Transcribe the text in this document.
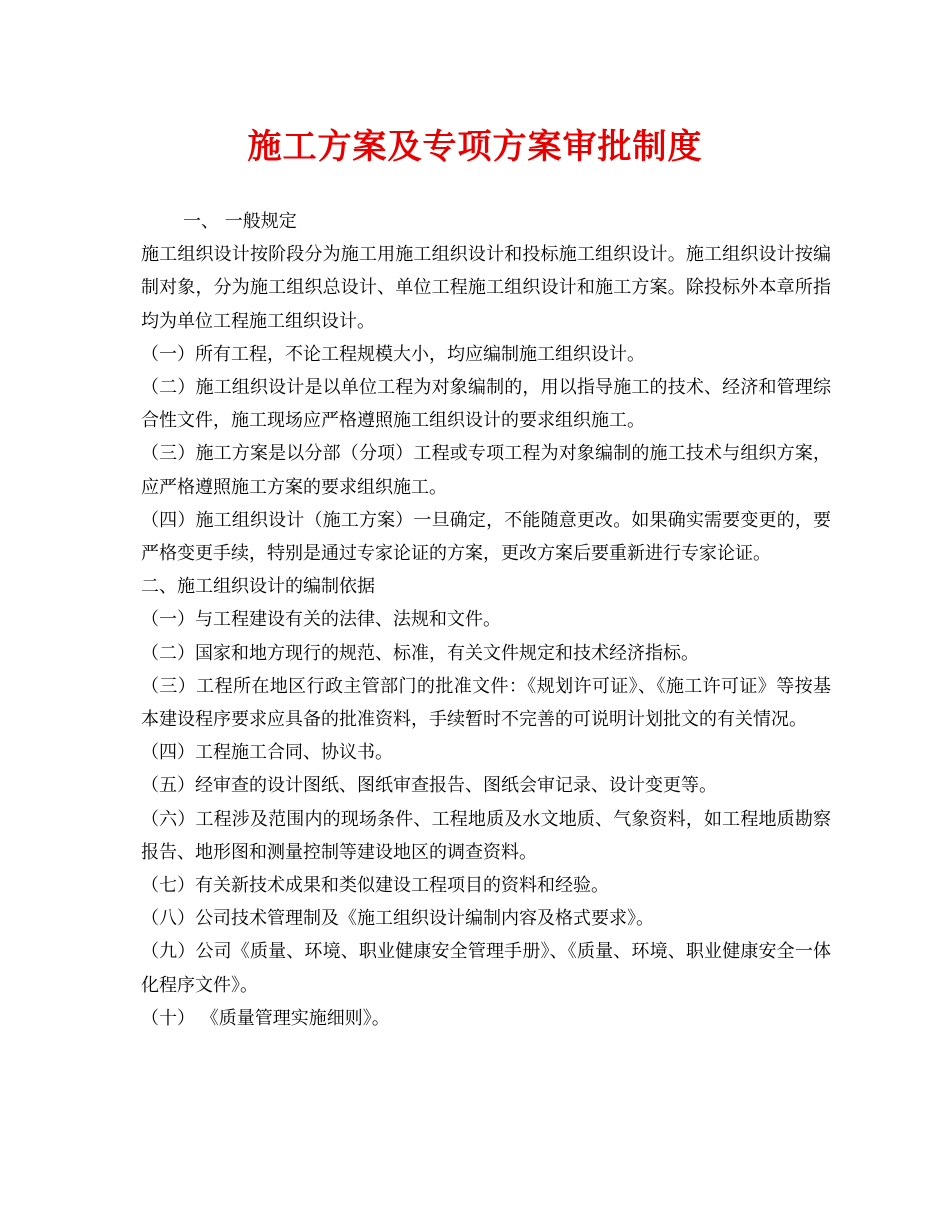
施工方案及专项方案审批制度

一、 一般规定

施工组织设计按阶段分为施工用施工组织设计和投标施工组织设计。施工组织设计按编制对象，分为施工组织总设计、单位工程施工组织设计和施工方案。除投标外本章所指均为单位工程施工组织设计。

（一）所有工程，不论工程规模大小，均应编制施工组织设计。

（二）施工组织设计是以单位工程为对象编制的，用以指导施工的技术、经济和管理综合性文件，施工现场应严格遵照施工组织设计的要求组织施工。

（三）施工方案是以分部（分项）工程或专项工程为对象编制的施工技术与组织方案，应严格遵照施工方案的要求组织施工。

（四）施工组织设计（施工方案）一旦确定，不能随意更改。如果确实需要变更的，要严格变更手续，特别是通过专家论证的方案，更改方案后要重新进行专家论证。

二、施工组织设计的编制依据

（一）与工程建设有关的法律、法规和文件。

（二）国家和地方现行的规范、标准，有关文件规定和技术经济指标。

（三）工程所在地区行政主管部门的批准文件：《规划许可证》、《施工许可证》等按基本建设程序要求应具备的批准资料，手续暂时不完善的可说明计划批文的有关情况。

（四）工程施工合同、协议书。

（五）经审查的设计图纸、图纸审查报告、图纸会审记录、设计变更等。

（六）工程涉及范围内的现场条件、工程地质及水文地质、气象资料，如工程地质勘察报告、地形图和测量控制等建设地区的调查资料。

（七）有关新技术成果和类似建设工程项目的资料和经验。

（八）公司技术管理制及《施工组织设计编制内容及格式要求》。

（九）公司《质量、环境、职业健康安全管理手册》、《质量、环境、职业健康安全一体化程序文件》。

（十） 《质量管理实施细则》。
